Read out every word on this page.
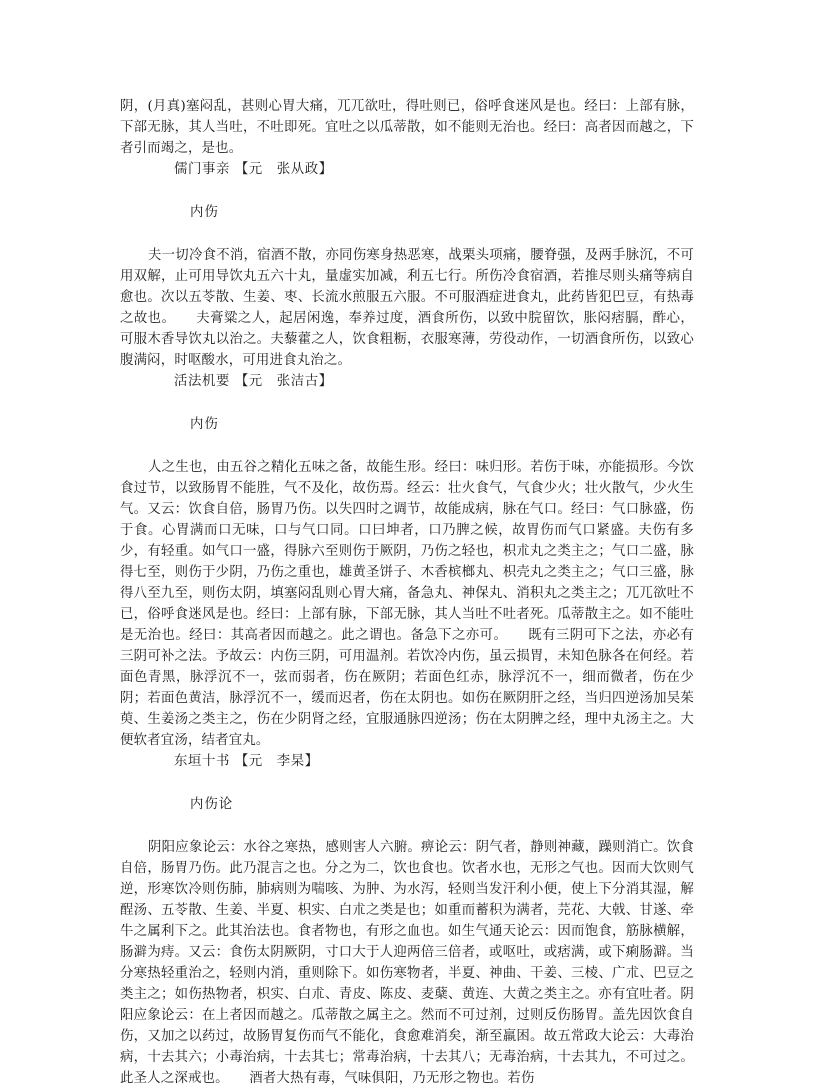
阴，(月真)塞闷乱，甚则心胃大痛，兀兀欲吐，得吐则已，俗呼食迷风是也。经曰：上部有脉，下部无脉，其人当吐，不吐即死。宜吐之以瓜蒂散，如不能则无治也。经曰：高者因而越之，下者引而竭之，是也。

儒门事亲 【元　张从政】

内伤

夫一切冷食不消，宿酒不散，亦同伤寒身热恶寒，战栗头项痛，腰脊强，及两手脉沉，不可用双解，止可用导饮丸五六十丸，量虚实加减，利五七行。所伤冷食宿酒，若推尽则头痛等病自愈也。次以五苓散、生姜、枣、长流水煎服五六服。不可服酒症进食丸，此药皆犯巴豆，有热毒之故也。　　夫膏粱之人，起居闲逸，奉养过度，酒食所伤，以致中脘留饮，胀闷痞膈，酢心，可服木香导饮丸以治之。夫藜藿之人，饮食粗粝，衣服寒薄，劳役动作，一切酒食所伤，以致心腹满闷，时呕酸水，可用进食丸治之。

活法机要 【元　张洁古】

内伤

人之生也，由五谷之精化五味之备，故能生形。经曰：味归形。若伤于味，亦能损形。今饮食过节，以致肠胃不能胜，气不及化，故伤焉。经云：壮火食气，气食少火；壮火散气，少火生气。又云：饮食自倍，肠胃乃伤。以失四时之调节，故能成病，脉在气口。经曰：气口脉盛，伤于食。心胃满而口无味，口与气口同。口曰坤者，口乃脾之候，故胃伤而气口紧盛。夫伤有多少，有轻重。如气口一盛，得脉六至则伤于厥阴，乃伤之轻也，枳朮丸之类主之；气口二盛，脉得七至，则伤于少阴，乃伤之重也，雄黄圣饼子、木香槟榔丸、枳壳丸之类主之；气口三盛，脉得八至九至，则伤太阴，填塞闷乱则心胃大痛，备急丸、神保丸、消积丸之类主之；兀兀欲吐不已，俗呼食迷风是也。经曰：上部有脉，下部无脉，其人当吐不吐者死。瓜蒂散主之。如不能吐是无治也。经曰：其高者因而越之。此之谓也。备急下之亦可。　　既有三阴可下之法，亦必有三阴可补之法。予故云：内伤三阴，可用温剂。若饮冷内伤，虽云损胃，未知色脉各在何经。若面色青黑，脉浮沉不一，弦而弱者，伤在厥阴；若面色红赤，脉浮沉不一，细而微者，伤在少阴；若面色黄洁，脉浮沉不一，缓而迟者，伤在太阴也。如伤在厥阴肝之经，当归四逆汤加吴茱萸、生姜汤之类主之，伤在少阴肾之经，宜服通脉四逆汤；伤在太阴脾之经，理中丸汤主之。大便软者宜汤，结者宜丸。

东垣十书 【元　李杲】

内伤论

阴阳应象论云：水谷之寒热，感则害人六腑。痹论云：阴气者，静则神藏，躁则消亡。饮食自倍，肠胃乃伤。此乃混言之也。分之为二，饮也食也。饮者水也，无形之气也。因而大饮则气逆，形寒饮冷则伤肺，肺病则为喘咳、为肿、为水泻，轻则当发汗利小便，使上下分消其湿，解酲汤、五苓散、生姜、半夏、枳实、白朮之类是也；如重而蓄积为满者，芫花、大戟、甘遂、牵牛之属利下之。此其治法也。食者物也，有形之血也。如生气通天论云：因而饱食，筋脉横解，肠澼为痔。又云：食伤太阴厥阴，寸口大于人迎两倍三倍者，或呕吐，或痞满，或下痢肠澼。当分寒热轻重治之，轻则内消，重则除下。如伤寒物者，半夏、神曲、干姜、三棱、广朮、巴豆之类主之；如伤热物者，枳实、白朮、青皮、陈皮、麦蘖、黄连、大黄之类主之。亦有宜吐者。阴阳应象论云：在上者因而越之。瓜蒂散之属主之。然而不可过剂，过则反伤肠胃。盖先因饮食自伤，又加之以药过，故肠胃复伤而气不能化，食愈难消矣，渐至羸困。故五常政大论云：大毒治病，十去其六；小毒治病，十去其七；常毒治病，十去其八；无毒治病，十去其九，不可过之。此圣人之深戒也。　　酒者大热有毒，气味俱阳，乃无形之物也。若伤
